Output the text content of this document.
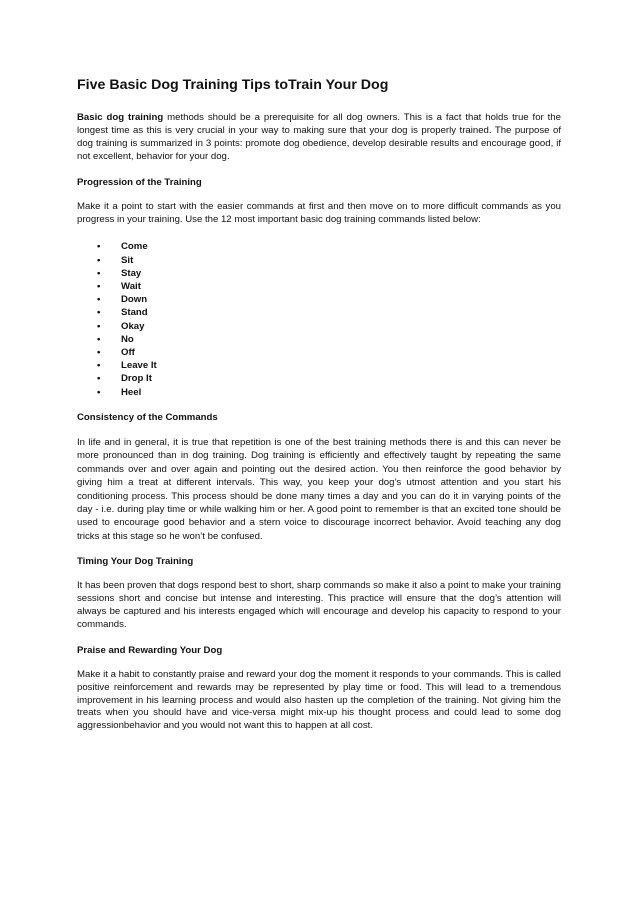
Five Basic Dog Training Tips toTrain Your Dog

Basic dog training methods should be a prerequisite for all dog owners. This is a fact that holds true for the longest time as this is very crucial in your way to making sure that your dog is properly trained. The purpose of dog training is summarized in 3 points: promote dog obedience, develop desirable results and encourage good, if not excellent, behavior for your dog.

Progression of the Training

Make it a point to start with the easier commands at first and then move on to more difficult commands as you progress in your training. Use the 12 most important basic dog training commands listed below:

• Come
• Sit
• Stay
• Wait
• Down
• Stand
• Okay
• No
• Off
• Leave It
• Drop It
• Heel
Consistency of the Commands

In life and in general, it is true that repetition is one of the best training methods there is and this can never be more pronounced than in dog training. Dog training is efficiently and effectively taught by repeating the same commands over and over again and pointing out the desired action. You then reinforce the good behavior by giving him a treat at different intervals. This way, you keep your dog’s utmost attention and you start his conditioning process. This process should be done many times a day and you can do it in varying points of the day - i.e. during play time or while walking him or her. A good point to remember is that an excited tone should be used to encourage good behavior and a stern voice to discourage incorrect behavior. Avoid teaching any dog tricks at this stage so he won’t be confused.

Timing Your Dog Training

It has been proven that dogs respond best to short, sharp commands so make it also a point to make your training sessions short and concise but intense and interesting. This practice will ensure that the dog’s attention will always be captured and his interests engaged which will encourage and develop his capacity to respond to your commands.

Praise and Rewarding Your Dog

Make it a habit to constantly praise and reward your dog the moment it responds to your commands. This is called positive reinforcement and rewards may be represented by play time or food. This will lead to a tremendous improvement in his learning process and would also hasten up the completion of the training. Not giving him the treats when you should have and vice-versa might mix-up his thought process and could lead to some dog aggressionbehavior and you would not want this to happen at all cost.
